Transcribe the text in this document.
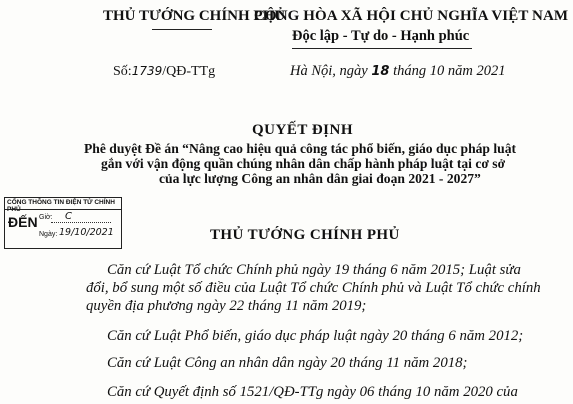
THỦ TƯỚNG CHÍNH PHỦ
CỘNG HÒA XÃ HỘI CHỦ NGHĨA VIỆT NAM
Độc lập - Tự do - Hạnh phúc
Số:1739/QĐ-TTg	Hà Nội, ngày 18 tháng 10 năm 2021
QUYẾT ĐỊNH
Phê duyệt Đề án “Nâng cao hiệu quả công tác phổ biến, giáo dục pháp luật
gắn với vận động quần chúng nhân dân chấp hành pháp luật tại cơ sở
của lực lượng Công an nhân dân giai đoạn 2021 - 2027”
CỔNG THÔNG TIN ĐIỆN TỬ CHÍNH PHỦ
ĐẾN Giờ: C
Ngày: 19/10/2021	THỦ TƯỚNG CHÍNH PHỦ
Căn cứ Luật Tổ chức Chính phủ ngày 19 tháng 6 năm 2015; Luật sửa
đổi, bổ sung một số điều của Luật Tổ chức Chính phủ và Luật Tổ chức chính
quyền địa phương ngày 22 tháng 11 năm 2019;
Căn cứ Luật Phổ biến, giáo dục pháp luật ngày 20 tháng 6 năm 2012;
Căn cứ Luật Công an nhân dân ngày 20 tháng 11 năm 2018;
Căn cứ Quyết định số 1521/QĐ-TTg ngày 06 tháng 10 năm 2020 của
